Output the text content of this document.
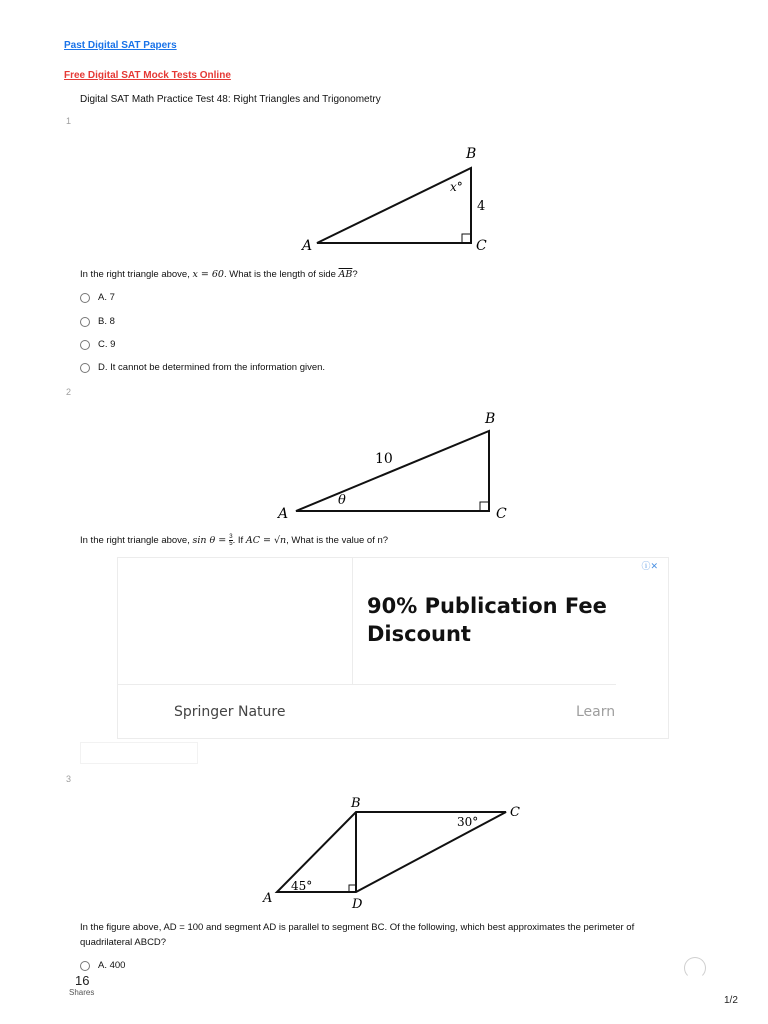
Past Digital SAT Papers
Free Digital SAT Mock Tests Online
Digital SAT Math Practice Test 48: Right Triangles and Trigonometry
1
A
B
C
x°
4
In the right triangle above, x = 60. What is the length of side $\overline{AB}$?
A. 7
B. 8
C. 9
D. It cannot be determined from the information given.
2
A
B
C
θ
10
In the right triangle above, $\sin \theta = \frac{3}{5}$ . If AC = √n, What is the value of n?
ⓘ✕
90% Publication Fee Discount
Springer Nature	Learn
3
A
B
C
D
45°
30°
In the figure above, AD = 100 and segment AD is parallel to segment BC. Of the following, which best approximates the perimeter of quadrilateral ABCD?
A. 400
16
Shares
1/2
